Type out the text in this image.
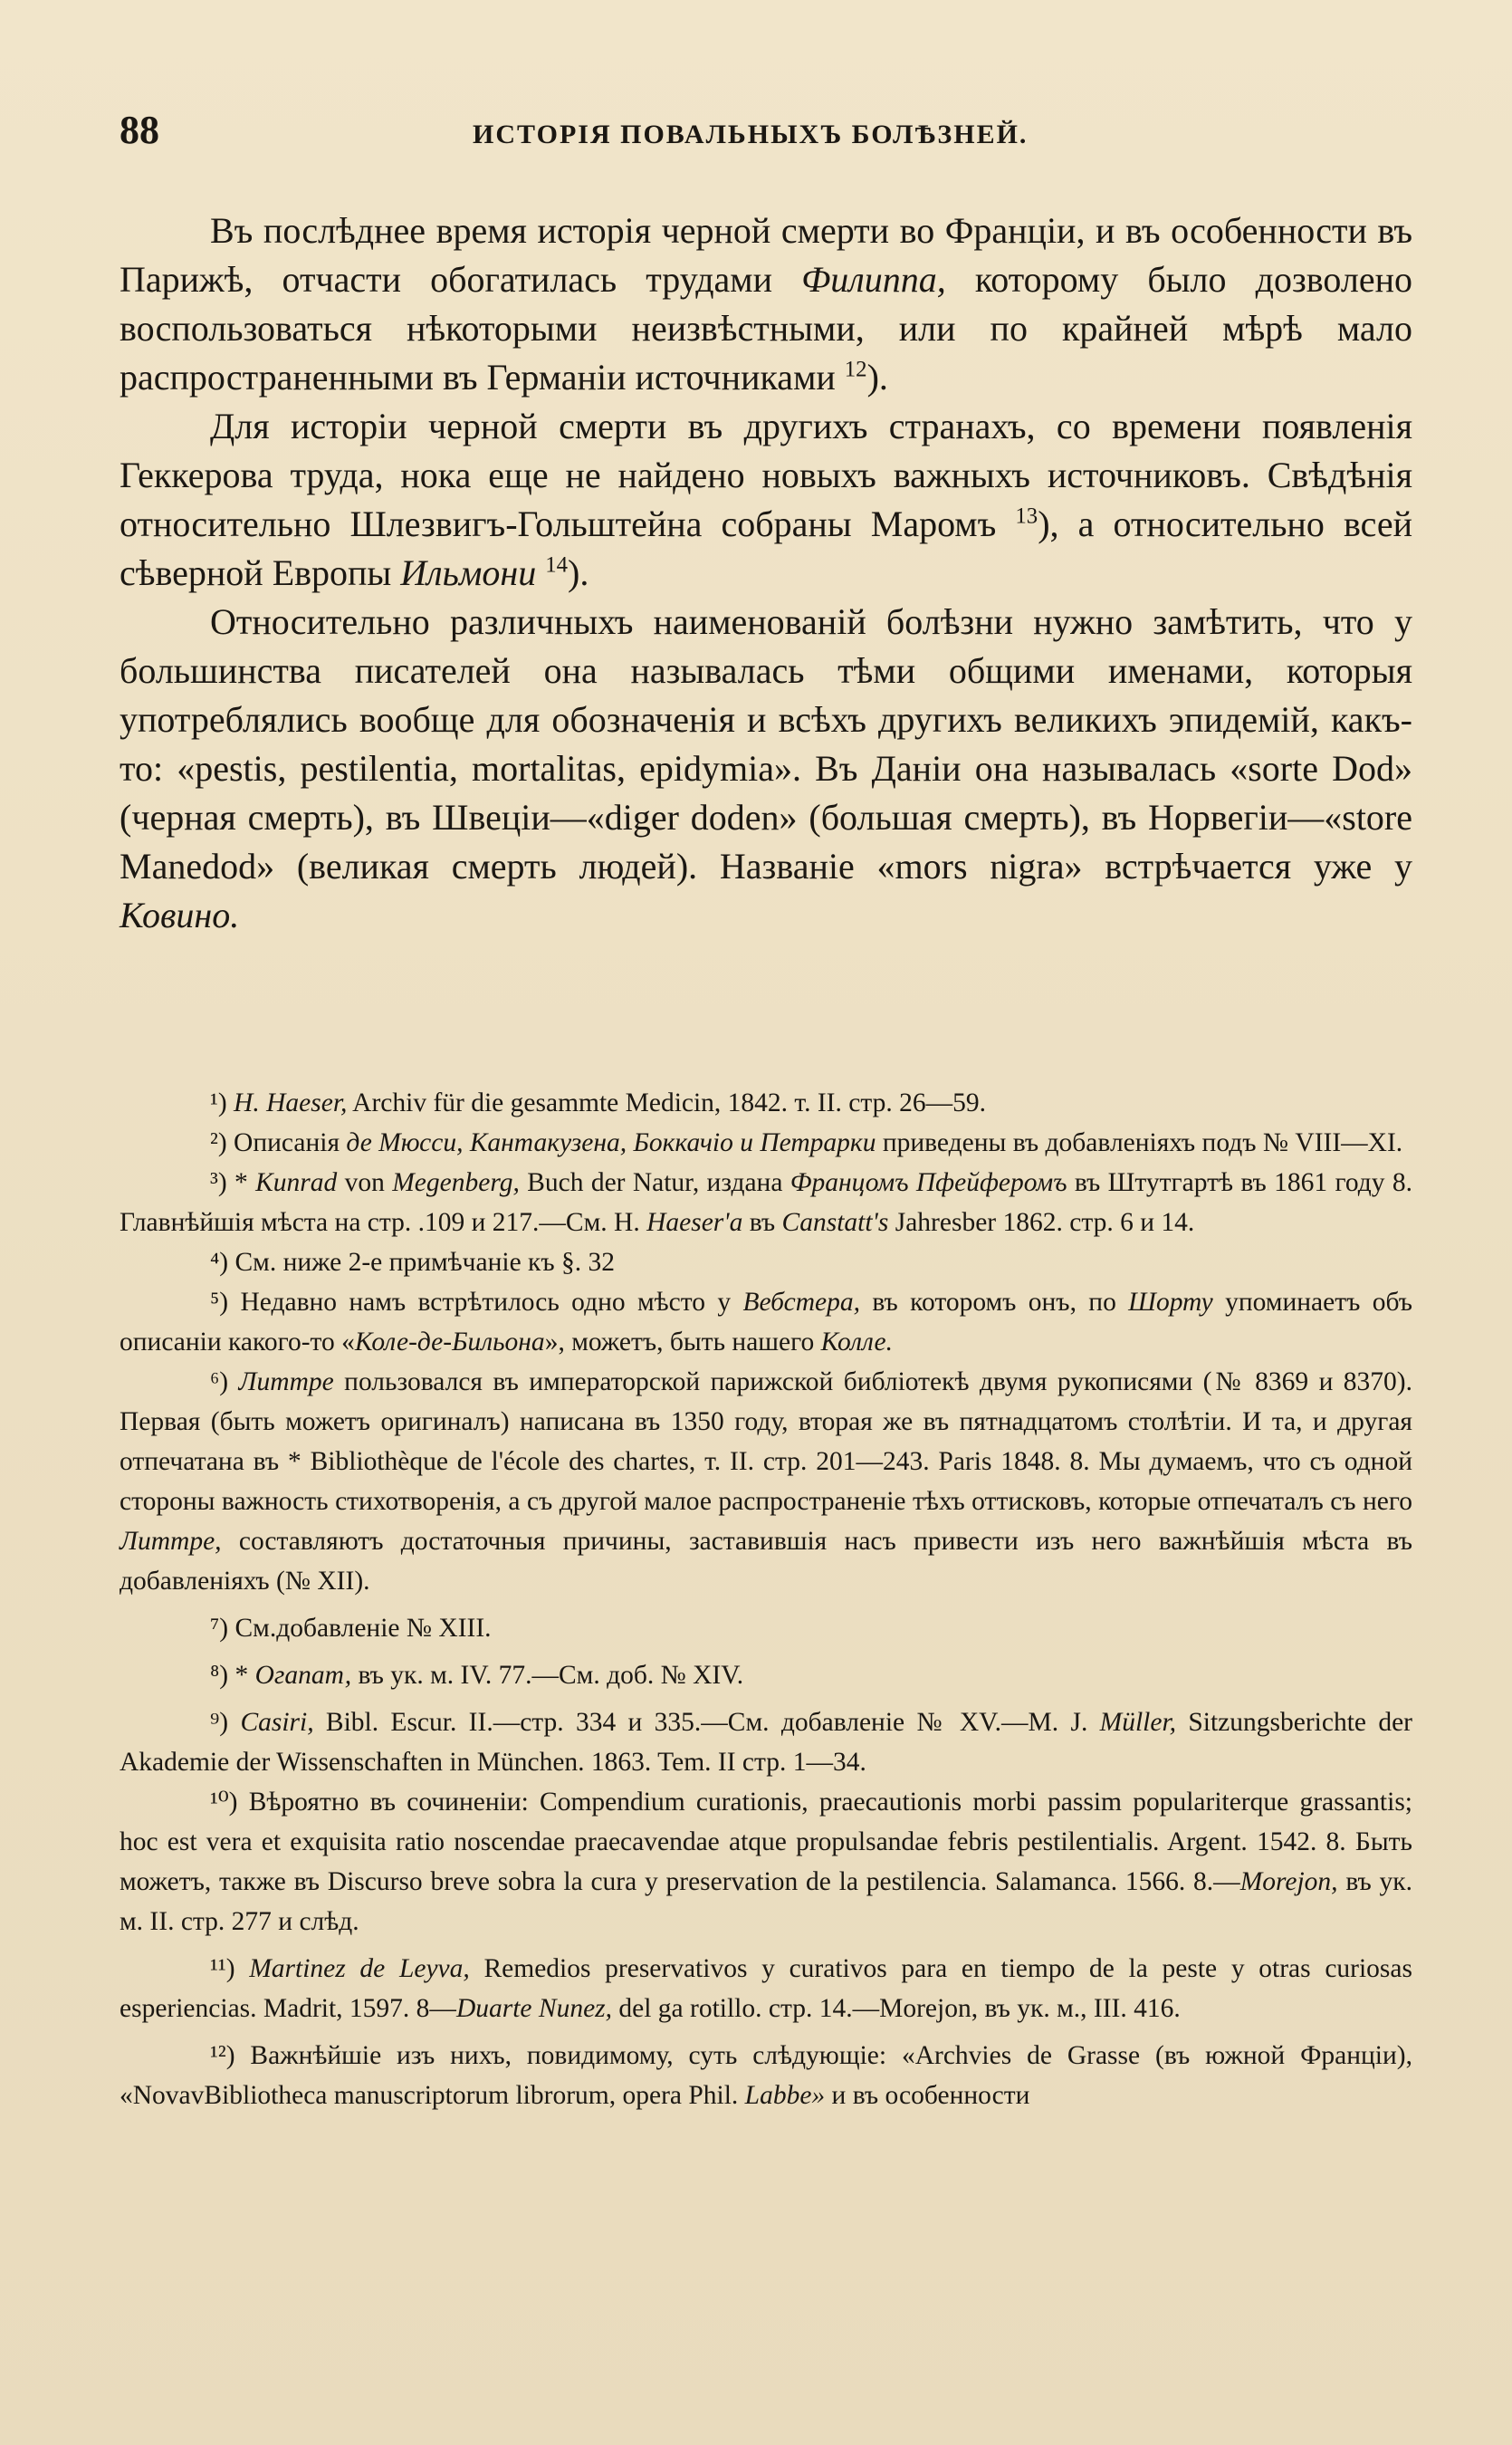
88	ИСТОРІЯ ПОВАЛЬНЫХЪ БОЛѢЗНЕЙ.

Въ послѣднее время исторія черной смерти во Франціи, и въ особенности въ Парижѣ, отчасти обогатилась трудами Филиппа, которому было дозволено воспользоваться нѣкоторыми неизвѣстными, или по крайней мѣрѣ мало распространенными въ Германіи источниками $^{12}$).

Для исторіи черной смерти въ другихъ странахъ, со времени появленія Геккерова труда, нока еще не найдено новыхъ важныхъ источниковъ. Свѣдѣнія относительно Шлезвигъ-Гольштейна собраны Маромъ $^{13}$), а относительно всей сѣверной Европы Ильмони $^{14}$).

Относительно различныхъ наименованій болѣзни нужно замѣтить, что у большинства писателей она называлась тѣми общими именами, которыя употреблялись вообще для обозначенія и всѣхъ другихъ великихъ эпидемій, какъ-то: «pestis, pestilentia, mortalitas, epidymia». Въ Даніи она называлась «sorte Dod» (черная смерть), въ Швеціи—«diger doden» (большая смерть), въ Норвегіи—«store Manedod» (великая смерть людей). Названіе «mors nigra» встрѣчается уже у Ковино.

¹) H. Haeser, Archiv für die gesammte Medicin, 1842. т. II. стр. 26—59.

²) Описанія де Мюсси, Кантакузена, Боккачіо и Петрарки приведены въ добавленіяхъ подъ № VIII—XI.

³) * Kunrad von Megenberg, Buch der Natur, издана Францомъ Пфейферомъ въ Штутгартѣ въ 1861 году 8. Главнѣйшія мѣста на стр. .109 и 217.—См. H. Haeser'a въ Canstatt's Jahresber 1862. стр. 6 и 14.

⁴) См. ниже 2-е примѣчаніе къ §. 32

⁵) Недавно намъ встрѣтилось одно мѣсто у Вебстера, въ которомъ онъ, по Шорту упоминаетъ объ описаніи какого-то «Коле-де-Бильона», можетъ, быть нашего Колле.

⁶) Литтре пользовался въ императорской парижской библіотекѣ двумя рукописями (№ 8369 и 8370). Первая (быть можетъ оригиналъ) написана въ 1350 году, вторая же въ пятнадцатомъ столѣтіи. И та, и другая отпечатана въ * Bibliothèque de l'école des chartes, т. II. стр. 201—243. Paris 1848. 8. Мы думаемъ, что съ одной стороны важность стихотворенія, а съ другой малое распространеніе тѣхъ оттисковъ, которые отпечаталъ съ него Литтре, составляютъ достаточныя причины, заставившія насъ привести изъ него важнѣйшія мѣста въ добавленіяхъ (№ XII).

⁷) См.добавленіе № XIII.

⁸) * Огапат, въ ук. м. IV. 77.—См. доб. № XIV.

⁹) Casiri, Bibl. Escur. II.—стр. 334 и 335.—См. добавленіе № XV.—M. J. Müller, Sitzungsberichte der Akademie der Wissenschaften in München. 1863. Tem. II стр. 1—34.

¹⁰) Вѣроятно въ сочиненіи: Compendium curationis, praecautionis morbi passim populariterque grassantis; hoc est vera et exquisita ratio noscendae praecavendae atque propulsandae febris pestilentialis. Argent. 1542. 8. Быть можетъ, также въ Discurso breve sobra la cura y preservation de la pestilencia. Salamanca. 1566. 8.—Morejon, въ ук. м. II. стр. 277 и слѣд.

¹¹) Martinez de Leyva, Remedios preservativos y curativos para en tiempo de la peste y otras curiosas esperiencias. Madrit, 1597. 8—Duarte Nunez, del ga rotillo. стр. 14.—Morejon, въ ук. м., III. 416.

¹²) Важнѣйшіе изъ нихъ, повидимому, суть слѣдующіе: «Archvies de Grasse (въ южной Франціи), «NovavBibliotheca manuscriptorum librorum, opera Phil. Labbe» и въ особенности
